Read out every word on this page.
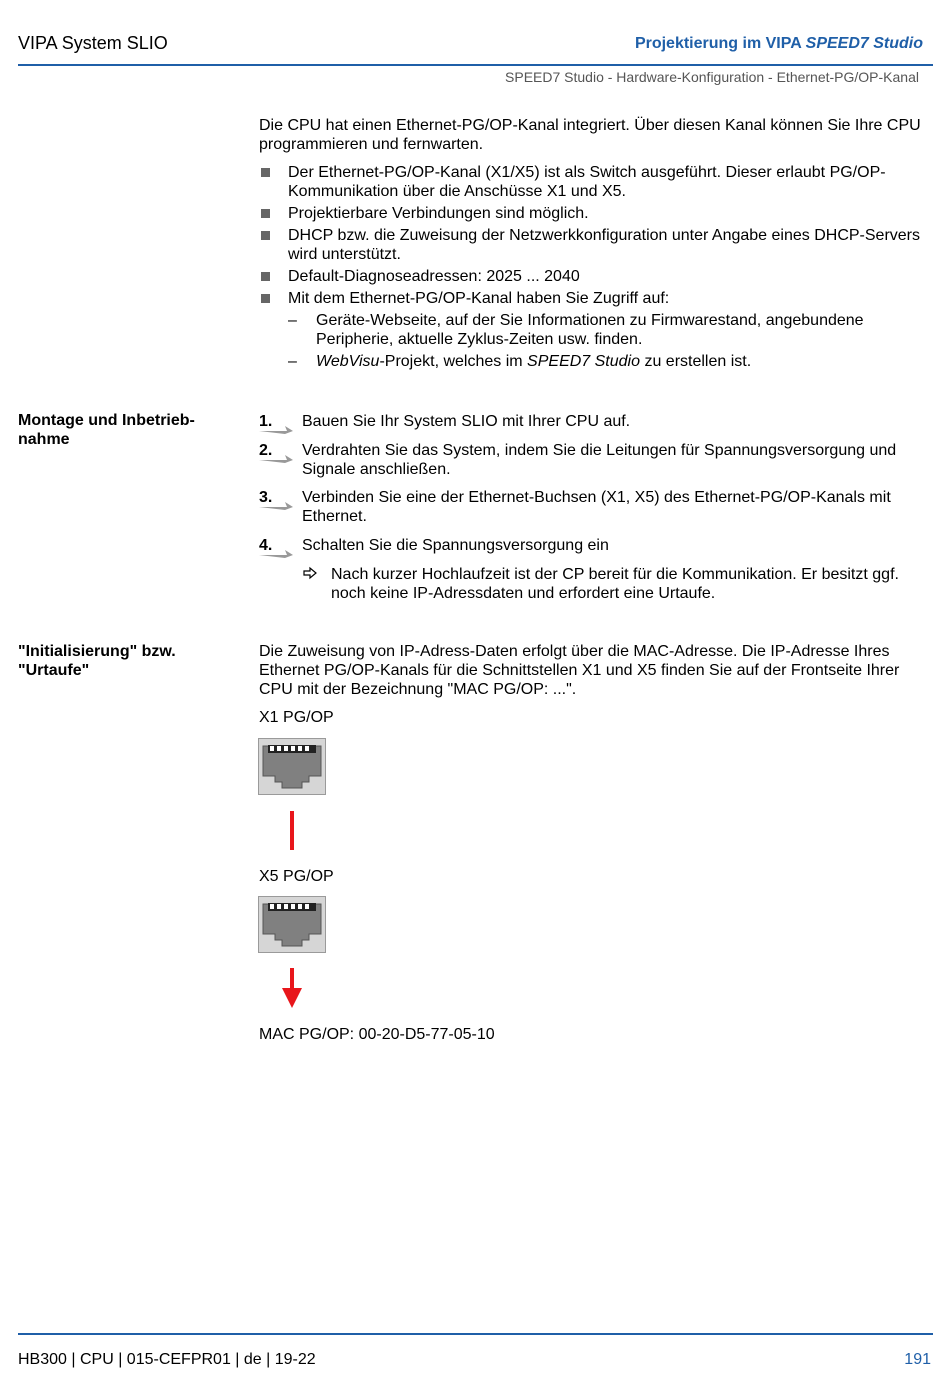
VIPA System SLIO	Projektierung im VIPA SPEED7 Studio
SPEED7 Studio - Hardware-Konfiguration - Ethernet-PG/OP-Kanal
Die CPU hat einen Ethernet-PG/OP-Kanal integriert. Über diesen Kanal können Sie Ihre CPU programmieren und fernwarten.
Der Ethernet-PG/OP-Kanal (X1/X5) ist als Switch ausgeführt. Dieser erlaubt PG/OP-Kommunikation über die Anschüsse X1 und X5.
Projektierbare Verbindungen sind möglich.
DHCP bzw. die Zuweisung der Netzwerkkonfiguration unter Angabe eines DHCP-Servers wird unterstützt.
Default-Diagnoseadressen: 2025 ... 2040
Mit dem Ethernet-PG/OP-Kanal haben Sie Zugriff auf:
– Geräte-Webseite, auf der Sie Informationen zu Firmwarestand, angebundene Peripherie, aktuelle Zyklus-Zeiten usw. finden.
– WebVisu-Projekt, welches im SPEED7 Studio zu erstellen ist.
Montage und Inbetrieb-
nahme
1. Bauen Sie Ihr System SLIO mit Ihrer CPU auf.
2. Verdrahten Sie das System, indem Sie die Leitungen für Spannungsversorgung und Signale anschließen.
3. Verbinden Sie eine der Ethernet-Buchsen (X1, X5) des Ethernet-PG/OP-Kanals mit Ethernet.
4. Schalten Sie die Spannungsversorgung ein
Nach kurzer Hochlaufzeit ist der CP bereit für die Kommunikation. Er besitzt ggf. noch keine IP-Adressdaten und erfordert eine Urtaufe.
"Initialisierung" bzw.
"Urtaufe"
Die Zuweisung von IP-Adress-Daten erfolgt über die MAC-Adresse. Die IP-Adresse Ihres Ethernet PG/OP-Kanals für die Schnittstellen X1 und X5 finden Sie auf der Frontseite Ihrer CPU mit der Bezeichnung "MAC PG/OP: ...".
X1 PG/OP
X5 PG/OP
MAC PG/OP: 00-20-D5-77-05-10
HB300 | CPU | 015-CEFPR01 | de | 19-22	191
